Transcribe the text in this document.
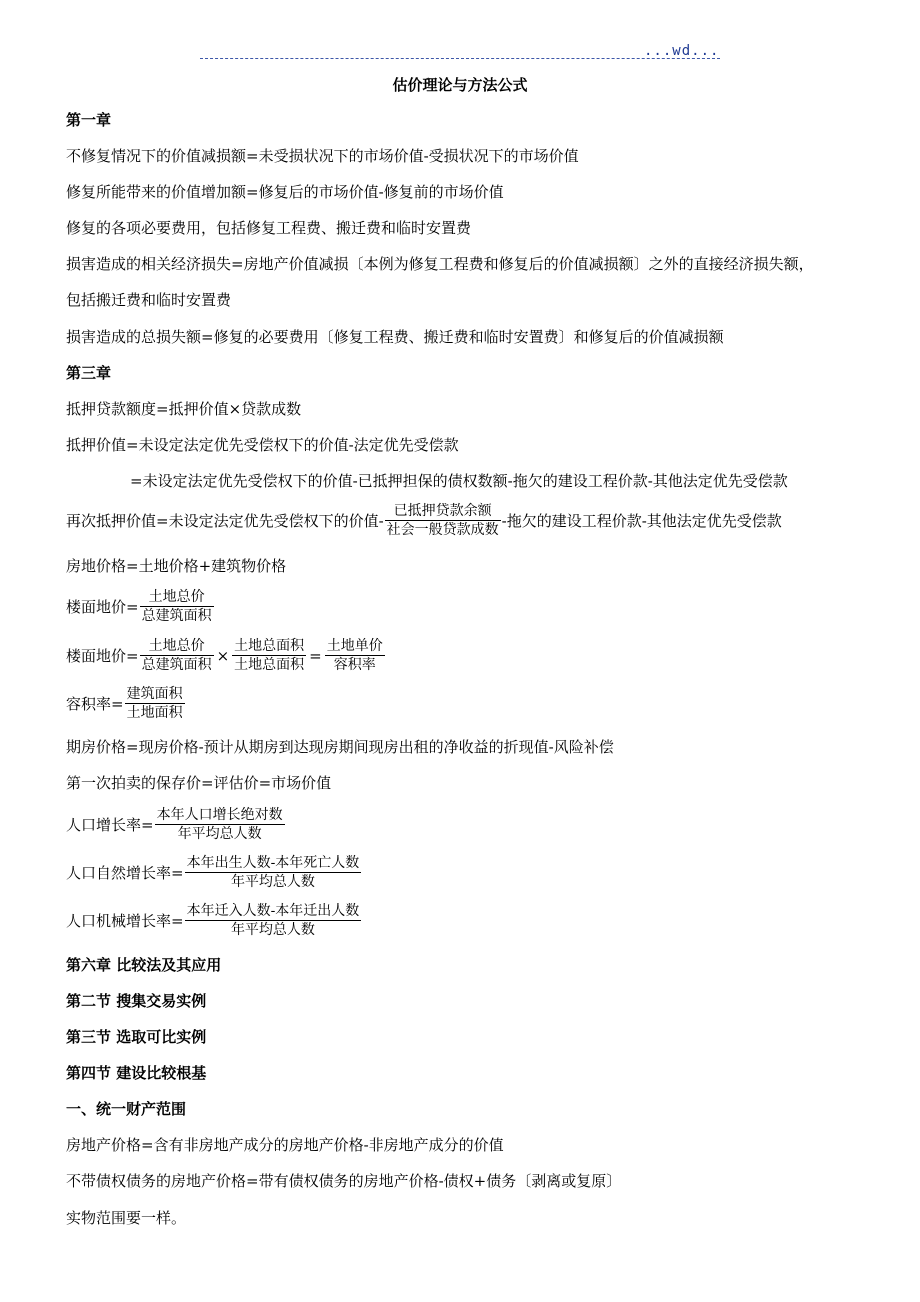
...wd...
估价理论与方法公式
第一章
不修复情况下的价值减损额=未受损状况下的市场价值-受损状况下的市场价值
修复所能带来的价值增加额=修复后的市场价值-修复前的市场价值
修复的各项必要费用，包括修复工程费、搬迁费和临时安置费
损害造成的相关经济损失=房地产价值减损〔本例为修复工程费和修复后的价值减损额〕之外的直接经济损失额，
包括搬迁费和临时安置费
损害造成的总损失额=修复的必要费用〔修复工程费、搬迁费和临时安置费〕和修复后的价值减损额
第三章
抵押贷款额度=抵押价值×贷款成数
抵押价值=未设定法定优先受偿权下的价值-法定优先受偿款
=未设定法定优先受偿权下的价值-已抵押担保的债权数额-拖欠的建设工程价款-其他法定优先受偿款
再次抵押价值=未设定法定优先受偿权下的价值- $\frac{\text{已抵押贷款余额}}{\text{社会一般贷款成数}}$ -拖欠的建设工程价款-其他法定优先受偿款
房地价格=土地价格+建筑物价格
楼面地价= $\frac{\text{土地总价}}{\text{总建筑面积}}$
楼面地价= $\frac{\text{土地总价}}{\text{总建筑面积}} \times \frac{\text{土地总面积}}{\text{土地总面积}} = \frac{\text{土地单价}}{\text{容积率}}$
容积率= $\frac{\text{建筑面积}}{\text{土地面积}}$
期房价格=现房价格-预计从期房到达现房期间现房出租的净收益的折现值-风险补偿
第一次拍卖的保存价=评估价=市场价值
人口增长率= $\frac{\text{本年人口增长绝对数}}{\text{年平均总人数}}$
人口自然增长率= $\frac{\text{本年出生人数-本年死亡人数}}{\text{年平均总人数}}$
人口机械增长率= $\frac{\text{本年迁入人数-本年迁出人数}}{\text{年平均总人数}}$
第六章 比较法及其应用
第二节 搜集交易实例
第三节 选取可比实例
第四节 建设比较根基
一、统一财产范围
房地产价格=含有非房地产成分的房地产价格-非房地产成分的价值
不带债权债务的房地产价格=带有债权债务的房地产价格-债权+债务〔剥离或复原〕
实物范围要一样。
